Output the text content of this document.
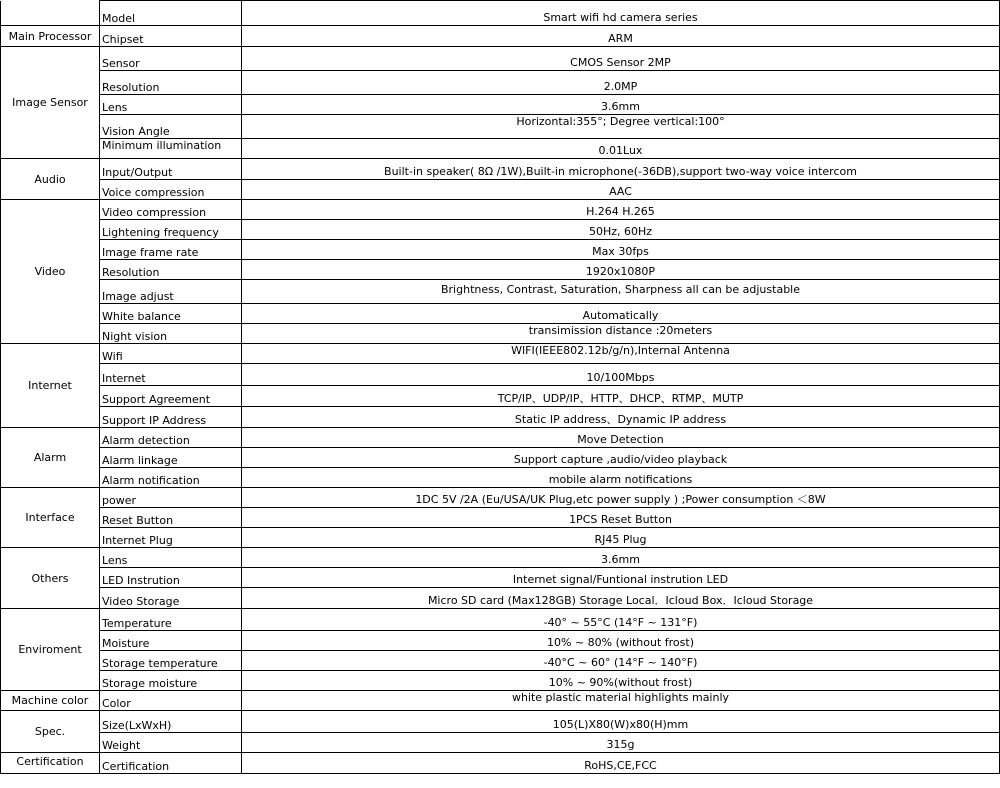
	Model	Smart wifi hd camera series
Main Processor	Chipset	ARM
Image Sensor	Sensor	CMOS Sensor 2MP
	Resolution	2.0MP
	Lens	3.6mm
	Vision Angle	Horizontal:355°; Degree vertical:100°
	Minimum illumination	0.01Lux
Audio	Input/Output	Built-in speaker( 8Ω /1W),Built-in microphone(-36DB),support two-way voice intercom
	Voice compression	AAC
Video	Video compression	H.264 H.265
	Lightening frequency	50Hz, 60Hz
	Image frame rate	Max 30fps
	Resolution	1920x1080P
	Image adjust	Brightness, Contrast, Saturation, Sharpness all can be adjustable
	White balance	Automatically
	Night vision	transimission distance :20meters
Internet	Wifi	WIFI(IEEE802.12b/g/n),Internal Antenna
	Internet	10/100Mbps
	Support Agreement	TCP/IP、UDP/IP、HTTP、DHCP、RTMP、MUTP
	Support IP Address	Static IP address、Dynamic IP address
Alarm	Alarm detection	Move Detection
	Alarm linkage	Support capture ,audio/video playback
	Alarm notification	mobile alarm notifications
Interface	power	1DC 5V /2A (Eu/USA/UK Plug,etc power supply ) ;Power consumption ＜8W
	Reset Button	1PCS Reset Button
	Internet Plug	RJ45 Plug
Others	Lens	3.6mm
	LED Instrution	Internet signal/Funtional instrution LED
	Video Storage	Micro SD card (Max128GB) Storage Local．Icloud Box．Icloud Storage
Enviroment	Temperature	-40° ~ 55°C (14°F ~ 131°F)
	Moisture	10% ~ 80% (without frost)
	Storage temperature	-40°C ~ 60° (14°F ~ 140°F)
	Storage moisture	10% ~ 90%(without frost)
Machine color	Color	white plastic material highlights mainly
Spec.	Size(LxWxH)	105(L)X80(W)x80(H)mm
	Weight	315g
Certification	Certification	RoHS,CE,FCC
